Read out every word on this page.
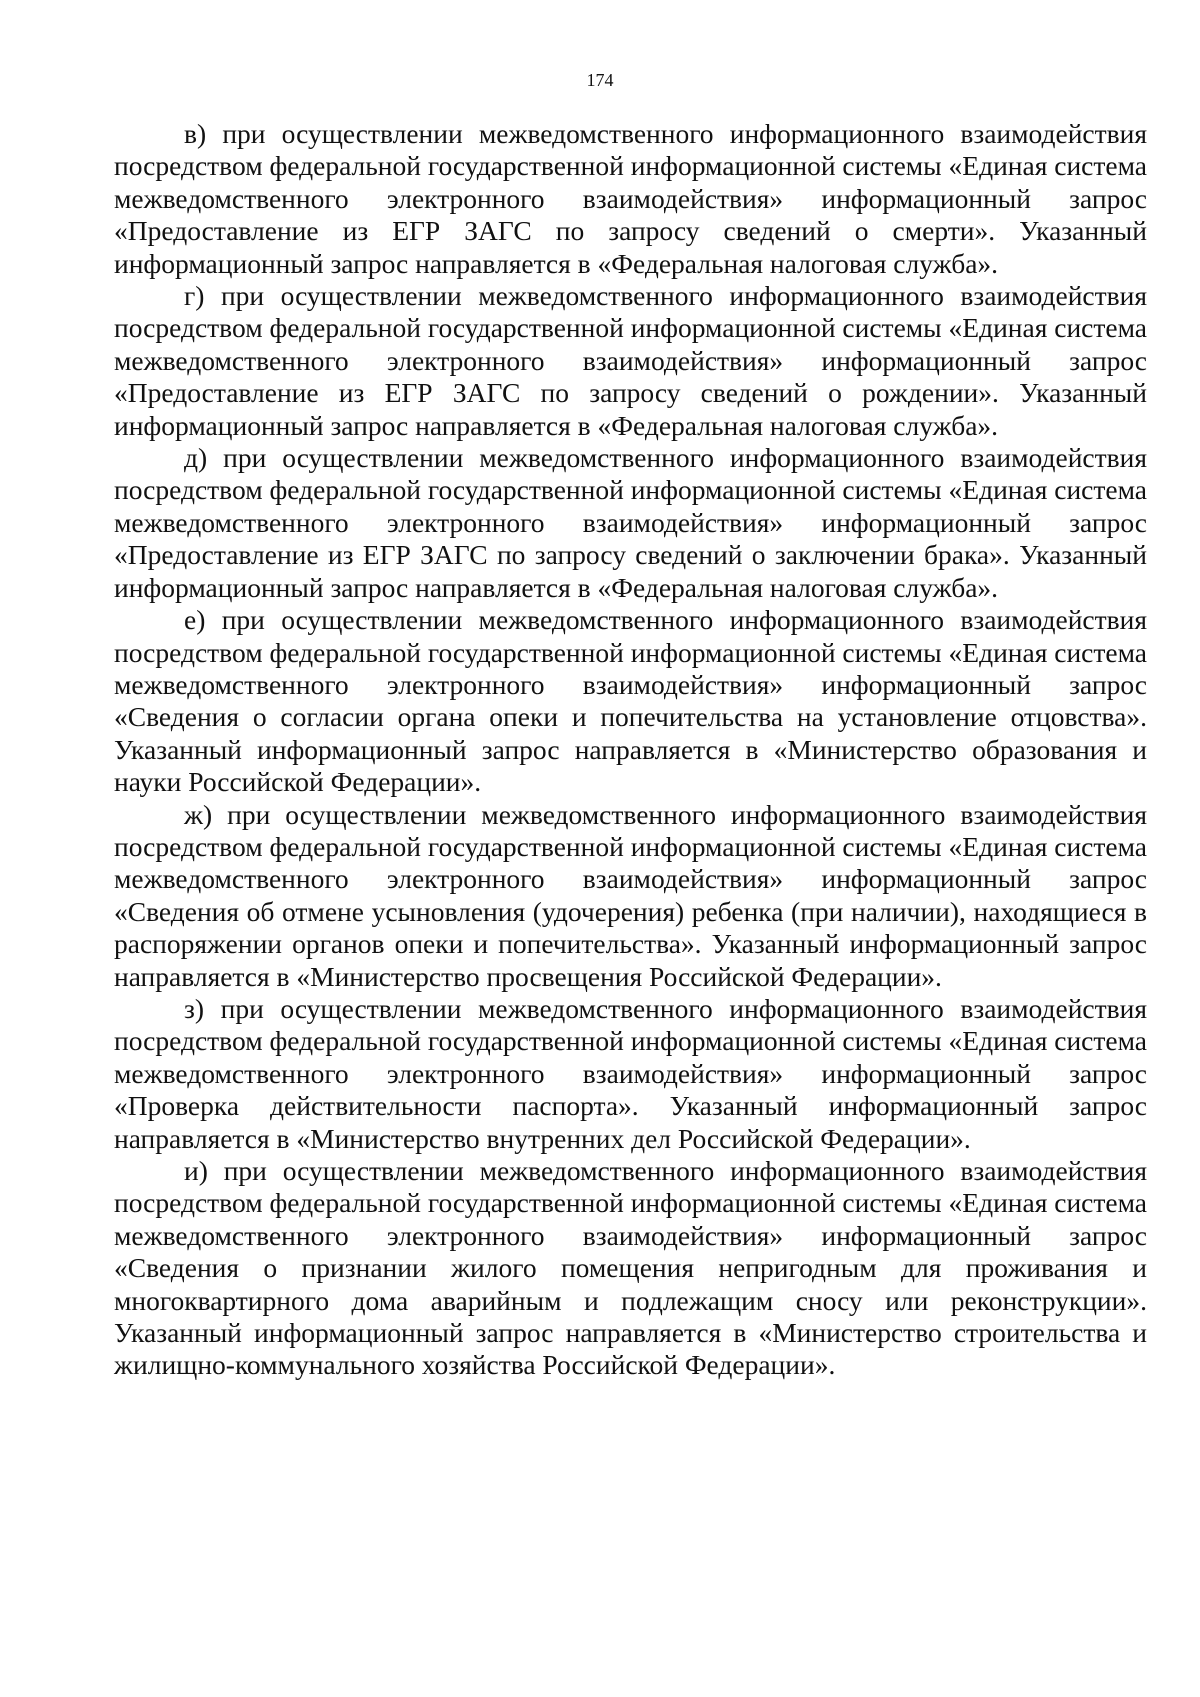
174

в) при осуществлении межведомственного информационного взаимодействия посредством федеральной государственной информационной системы «Единая система межведомственного электронного взаимодействия» информационный запрос «Предоставление из ЕГР ЗАГС по запросу сведений о смерти». Указанный информационный запрос направляется в «Федеральная налоговая служба».

г) при осуществлении межведомственного информационного взаимодействия посредством федеральной государственной информационной системы «Единая система межведомственного электронного взаимодействия» информационный запрос «Предоставление из ЕГР ЗАГС по запросу сведений о рождении». Указанный информационный запрос направляется в «Федеральная налоговая служба».

д) при осуществлении межведомственного информационного взаимодействия посредством федеральной государственной информационной системы «Единая система межведомственного электронного взаимодействия» информационный запрос «Предоставление из ЕГР ЗАГС по запросу сведений о заключении брака». Указанный информационный запрос направляется в «Федеральная налоговая служба».

е) при осуществлении межведомственного информационного взаимодействия посредством федеральной государственной информационной системы «Единая система межведомственного электронного взаимодействия» информационный запрос «Сведения о согласии органа опеки и попечительства на установление отцовства». Указанный информационный запрос направляется в «Министерство образования и науки Российской Федерации».

ж) при осуществлении межведомственного информационного взаимодействия посредством федеральной государственной информационной системы «Единая система межведомственного электронного взаимодействия» информационный запрос «Сведения об отмене усыновления (удочерения) ребенка (при наличии), находящиеся в распоряжении органов опеки и попечительства». Указанный информационный запрос направляется в «Министерство просвещения Российской Федерации».

з) при осуществлении межведомственного информационного взаимодействия посредством федеральной государственной информационной системы «Единая система межведомственного электронного взаимодействия» информационный запрос «Проверка действительности паспорта». Указанный информационный запрос направляется в «Министерство внутренних дел Российской Федерации».

и) при осуществлении межведомственного информационного взаимодействия посредством федеральной государственной информационной системы «Единая система межведомственного электронного взаимодействия» информационный запрос «Сведения о признании жилого помещения непригодным для проживания и многоквартирного дома аварийным и подлежащим сносу или реконструкции». Указанный информационный запрос направляется в «Министерство строительства и жилищно-коммунального хозяйства Российской Федерации».
